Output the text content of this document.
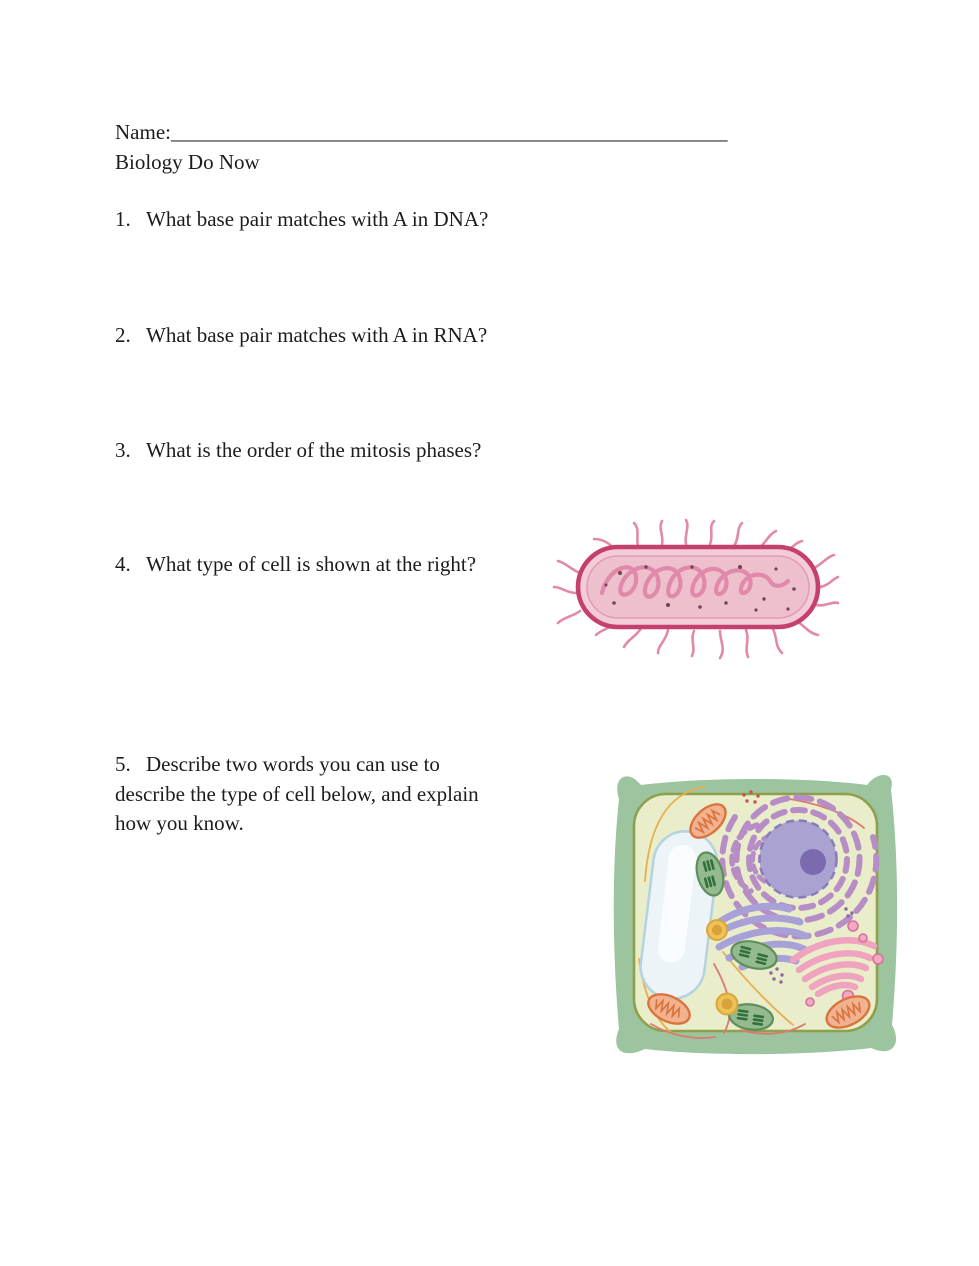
Name:_____________________________________________________
Biology Do Now
1. What base pair matches with A in DNA?
2. What base pair matches with A in RNA?
3. What is the order of the mitosis phases?
4. What type of cell is shown at the right?
5. Describe two words you can use to
describe the type of cell below, and explain
how you know.
